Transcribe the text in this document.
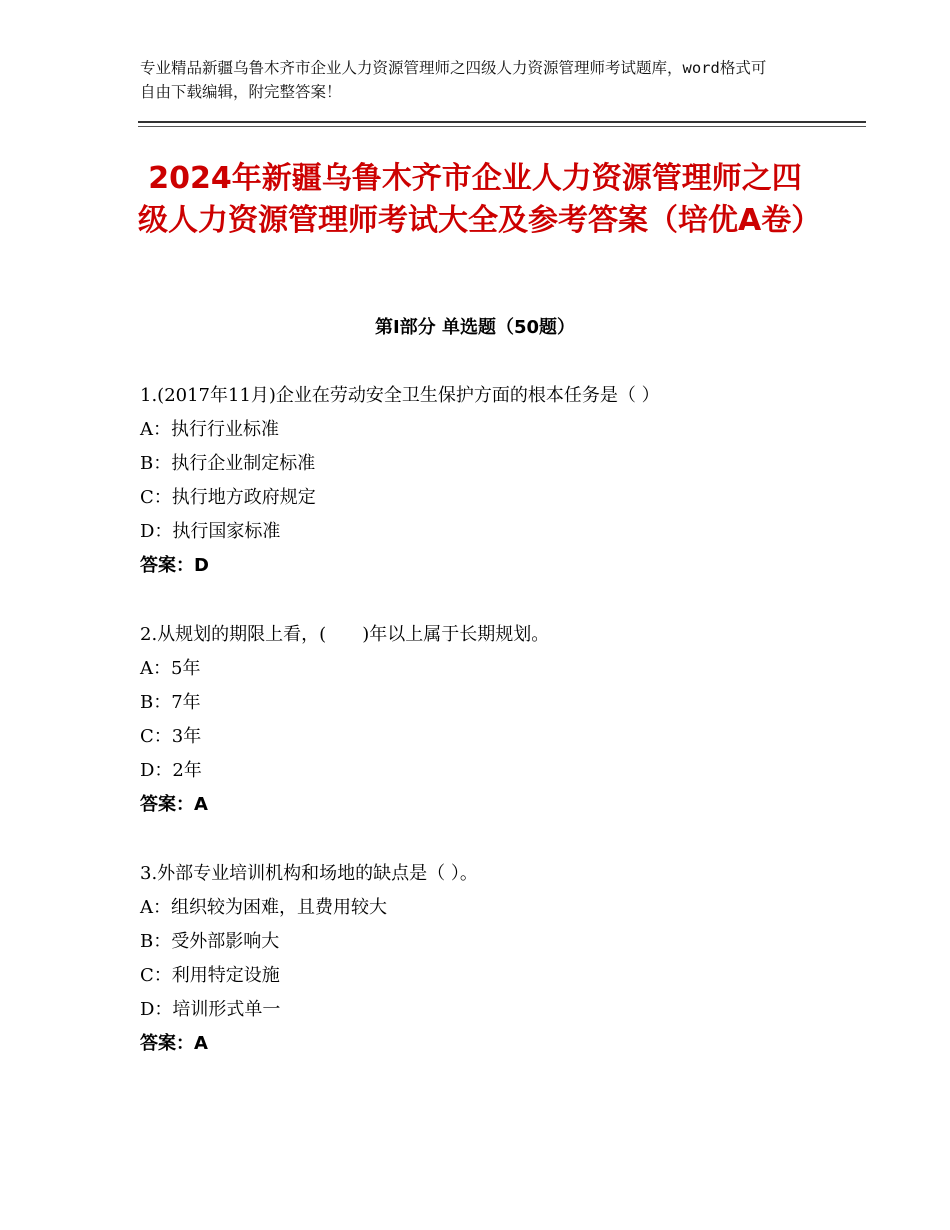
专业精品新疆乌鲁木齐市企业人力资源管理师之四级人力资源管理师考试题库，word格式可自由下载编辑，附完整答案！
2024年新疆乌鲁木齐市企业人力资源管理师之四级人力资源管理师考试大全及参考答案（培优A卷）
第Ⅰ部分 单选题（50题）

1.(2017年11月)企业在劳动安全卫生保护方面的根本任务是（ ）

A：执行行业标准

B：执行企业制定标准

C：执行地方政府规定

D：执行国家标准

答案：D

2.从规划的期限上看，(　　)年以上属于长期规划。

A：5年

B：7年

C：3年

D：2年

答案：A

3.外部专业培训机构和场地的缺点是（ ）。

A：组织较为困难，且费用较大

B：受外部影响大

C：利用特定设施

D：培训形式单一

答案：A
